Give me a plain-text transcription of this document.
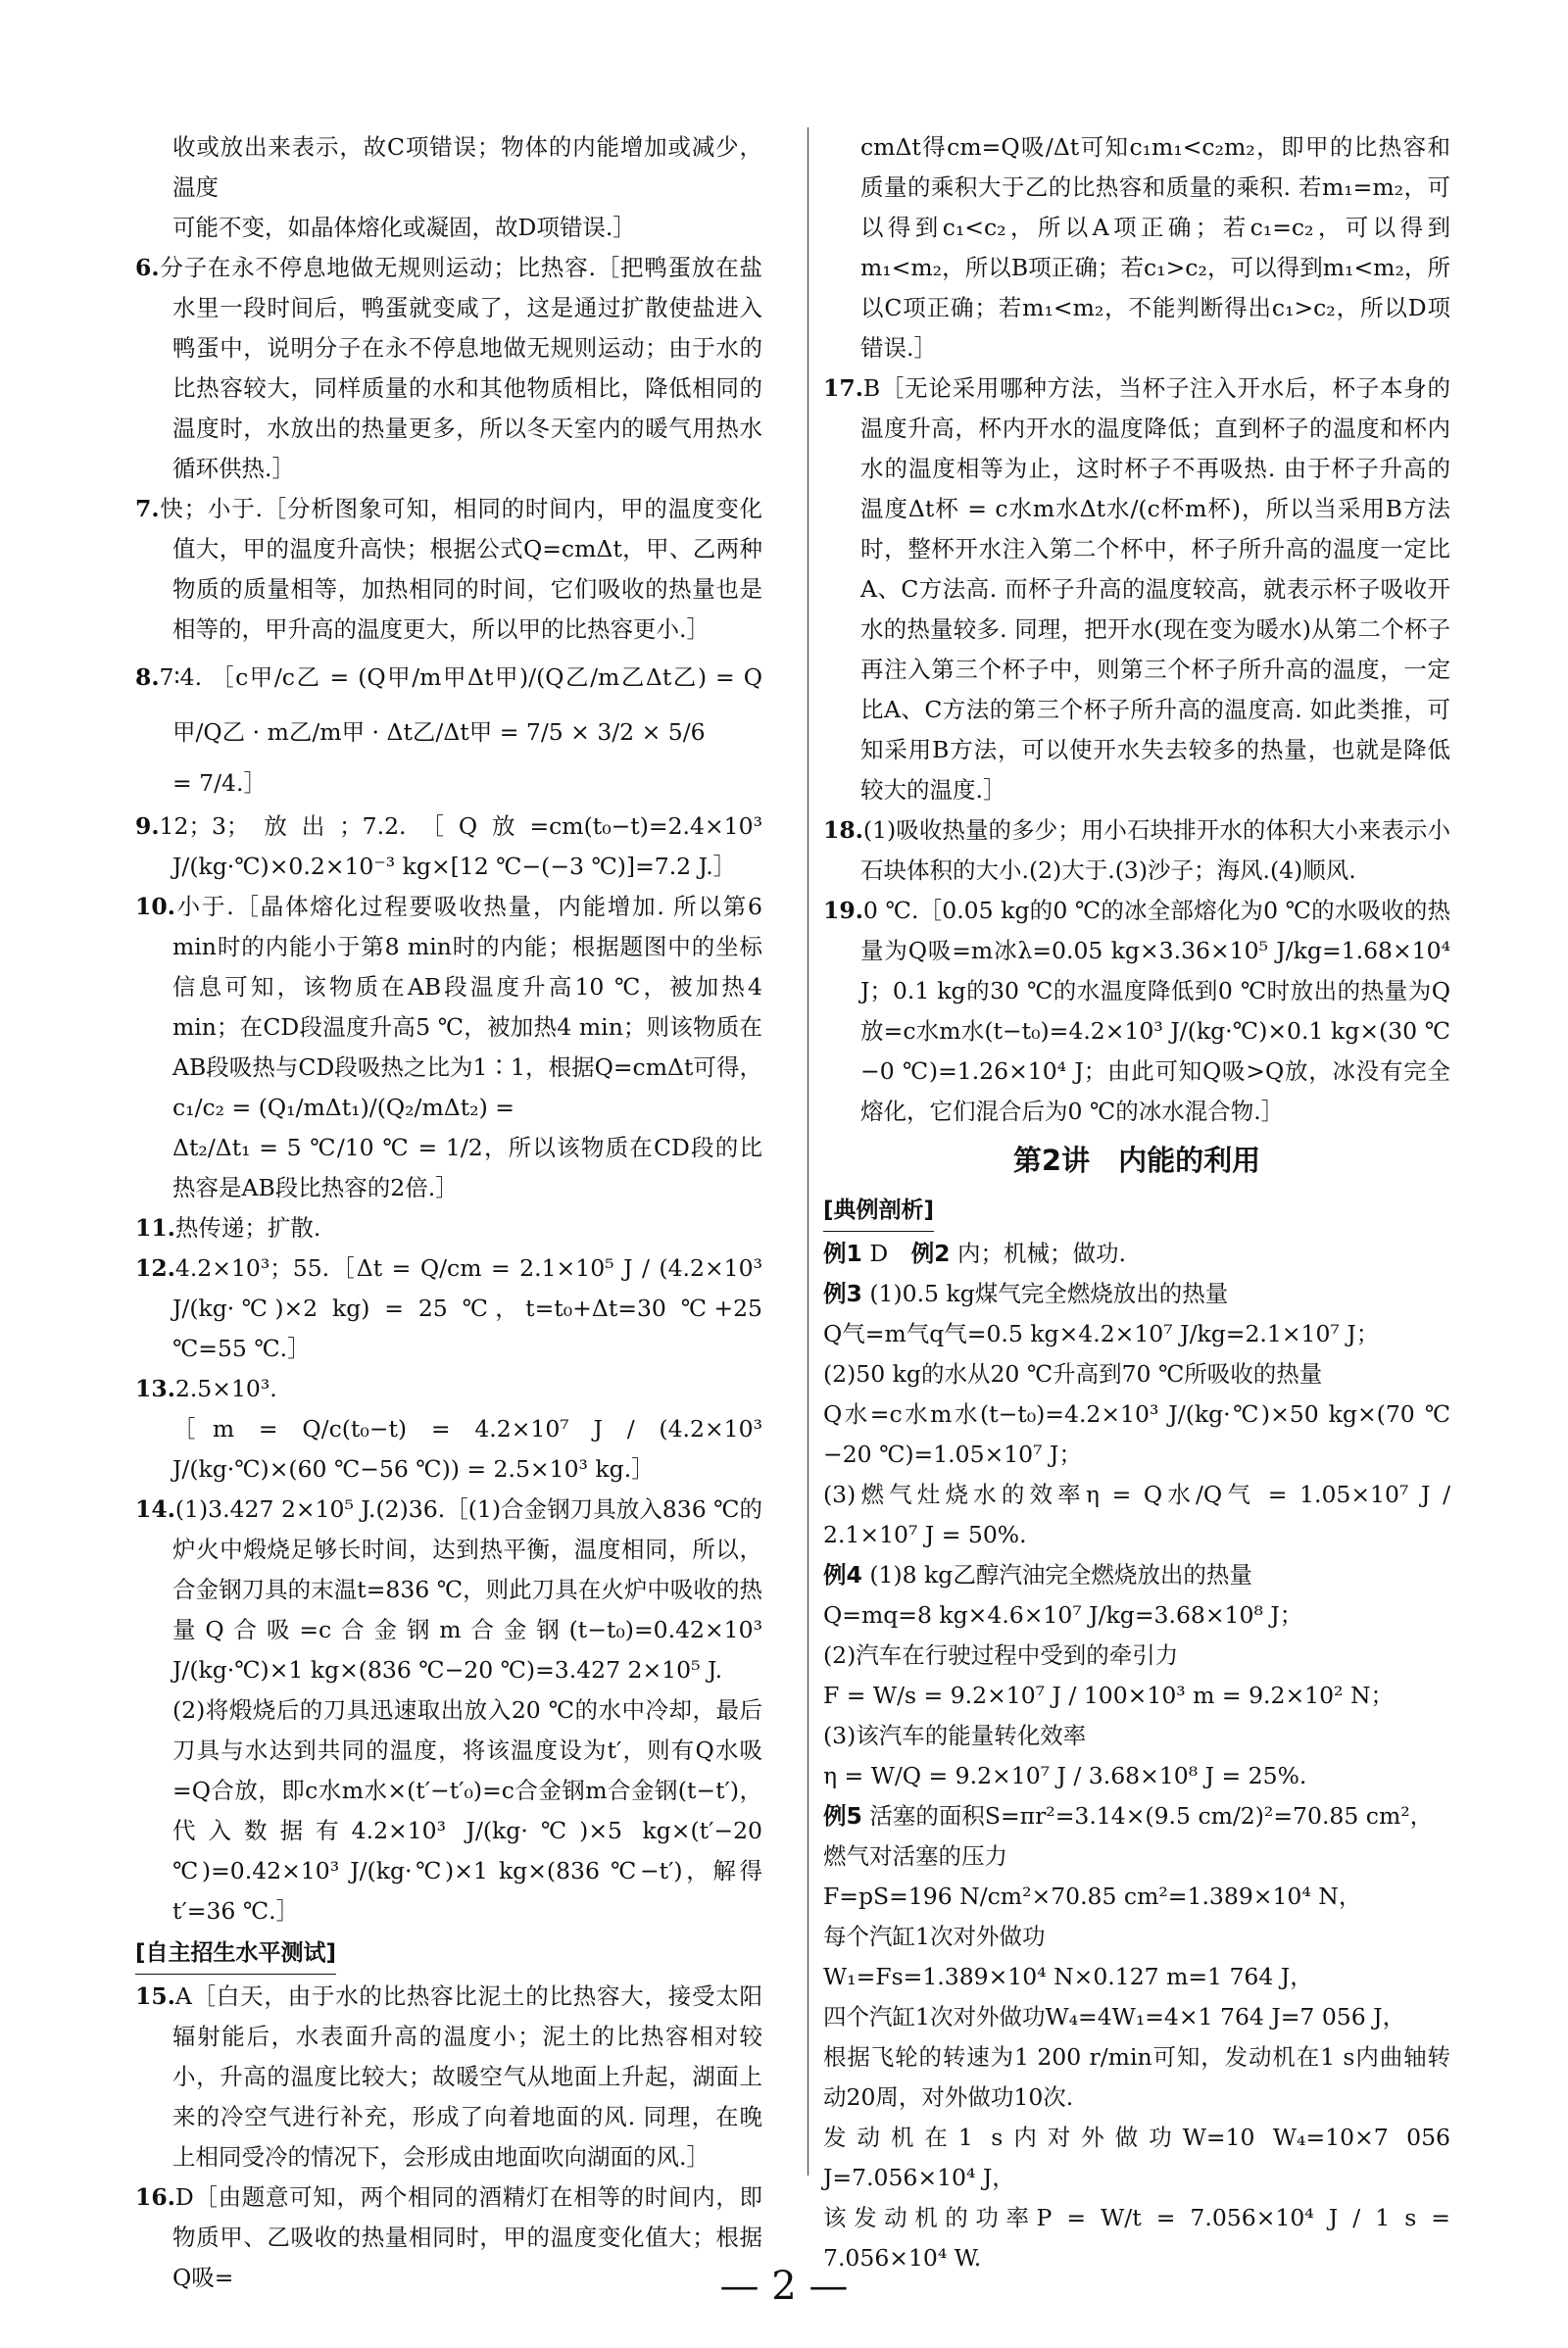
收或放出来表示，故C项错误；物体的内能增加或减少，温度
可能不变，如晶体熔化或凝固，故D项错误.］

6.分子在永不停息地做无规则运动；比热容.［把鸭蛋放在盐水里一段时间后，鸭蛋就变咸了，这是通过扩散使盐进入鸭蛋中，说明分子在永不停息地做无规则运动；由于水的比热容较大，同样质量的水和其他物质相比，降低相同的温度时，水放出的热量更多，所以冬天室内的暖气用热水循环供热.］

7.快；小于.［分析图象可知，相同的时间内，甲的温度变化值大，甲的温度升高快；根据公式Q=cmΔt，甲、乙两种物质的质量相等，加热相同的时间，它们吸收的热量也是相等的，甲升高的温度更大，所以甲的比热容更小.］

8.7∶4. ［c甲/c乙 = (Q甲/m甲Δt甲)/(Q乙/m乙Δt乙) = Q甲/Q乙 · m乙/m甲 · Δt乙/Δt甲 = 7/5 × 3/2 × 5/6

= 7/4.］

9.12；3；放出；7.2.［Q放=cm(t₀−t)=2.4×10³ J/(kg·℃)×0.2×10⁻³ kg×[12 ℃−(−3 ℃)]=7.2 J.］

10.小于.［晶体熔化过程要吸收热量，内能增加. 所以第6 min时的内能小于第8 min时的内能；根据题图中的坐标信息可知，该物质在AB段温度升高10 ℃，被加热4 min；在CD段温度升高5 ℃，被加热4 min；则该物质在AB段吸热与CD段吸热之比为1∶1，根据Q=cmΔt可得，c₁/c₂ = (Q₁/mΔt₁)/(Q₂/mΔt₂) =

Δt₂/Δt₁ = 5 ℃/10 ℃ = 1/2，所以该物质在CD段的比热容是AB段比热容的2倍.］

11.热传递；扩散.

12.4.2×10³；55.［Δt = Q/cm = 2.1×10⁵ J / (4.2×10³ J/(kg·℃)×2 kg) = 25 ℃，t=t₀+Δt=30 ℃+25 ℃=55 ℃.］

13.2.5×10³.

［m = Q/c(t₀−t) = 4.2×10⁷ J / (4.2×10³ J/(kg·℃)×(60 ℃−56 ℃)) = 2.5×10³ kg.］

14.(1)3.427 2×10⁵ J.(2)36.［(1)合金钢刀具放入836 ℃的炉火中煅烧足够长时间，达到热平衡，温度相同，所以，合金钢刀具的末温t=836 ℃，则此刀具在火炉中吸收的热量Q合吸=c合金钢m合金钢(t−t₀)=0.42×10³ J/(kg·℃)×1 kg×(836 ℃−20 ℃)=3.427 2×10⁵ J.

(2)将煅烧后的刀具迅速取出放入20 ℃的水中冷却，最后刀具与水达到共同的温度，将该温度设为t′，则有Q水吸=Q合放，即c水m水×(t′−t′₀)=c合金钢m合金钢(t−t′)，代入数据有4.2×10³ J/(kg·℃)×5 kg×(t′−20 ℃)=0.42×10³ J/(kg·℃)×1 kg×(836 ℃−t′)，解得t′=36 ℃.］

[自主招生水平测试]

15.A［白天，由于水的比热容比泥土的比热容大，接受太阳辐射能后，水表面升高的温度小；泥土的比热容相对较小，升高的温度比较大；故暖空气从地面上升起，湖面上来的冷空气进行补充，形成了向着地面的风. 同理，在晚上相同受冷的情况下，会形成由地面吹向湖面的风.］

16.D［由题意可知，两个相同的酒精灯在相等的时间内，即物质甲、乙吸收的热量相同时，甲的温度变化值大；根据Q吸=

cmΔt得cm=Q吸/Δt可知c₁m₁<c₂m₂，即甲的比热容和质量的乘积大于乙的比热容和质量的乘积. 若m₁=m₂，可以得到c₁<c₂，所以A项正确；若c₁=c₂，可以得到m₁<m₂，所以B项正确；若c₁>c₂，可以得到m₁<m₂，所以C项正确；若m₁<m₂，不能判断得出c₁>c₂，所以D项错误.］

17.B［无论采用哪种方法，当杯子注入开水后，杯子本身的温度升高，杯内开水的温度降低；直到杯子的温度和杯内水的温度相等为止，这时杯子不再吸热. 由于杯子升高的温度Δt杯 = c水m水Δt水/(c杯m杯)，所以当采用B方法时，整杯开水注入第二个杯中，杯子所升高的温度一定比A、C方法高. 而杯子升高的温度较高，就表示杯子吸收开水的热量较多. 同理，把开水(现在变为暖水)从第二个杯子再注入第三个杯子中，则第三个杯子所升高的温度，一定比A、C方法的第三个杯子所升高的温度高. 如此类推，可知采用B方法，可以使开水失去较多的热量，也就是降低较大的温度.］

18.(1)吸收热量的多少；用小石块排开水的体积大小来表示小石块体积的大小.(2)大于.(3)沙子；海风.(4)顺风.

19.0 ℃.［0.05 kg的0 ℃的冰全部熔化为0 ℃的水吸收的热量为Q吸=m冰λ=0.05 kg×3.36×10⁵ J/kg=1.68×10⁴ J；0.1 kg的30 ℃的水温度降低到0 ℃时放出的热量为Q放=c水m水(t−t₀)=4.2×10³ J/(kg·℃)×0.1 kg×(30 ℃−0 ℃)=1.26×10⁴ J；由此可知Q吸>Q放，冰没有完全熔化，它们混合后为0 ℃的冰水混合物.］

第2讲　内能的利用
[典例剖析]

例1 D　 例2 内；机械；做功.

例3 (1)0.5 kg煤气完全燃烧放出的热量

Q气=m气q气=0.5 kg×4.2×10⁷ J/kg=2.1×10⁷ J；

(2)50 kg的水从20 ℃升高到70 ℃所吸收的热量

Q水=c水m水(t−t₀)=4.2×10³ J/(kg·℃)×50 kg×(70 ℃−20 ℃)=1.05×10⁷ J；

(3)燃气灶烧水的效率η = Q水/Q气 = 1.05×10⁷ J / 2.1×10⁷ J = 50%.

例4 (1)8 kg乙醇汽油完全燃烧放出的热量

Q=mq=8 kg×4.6×10⁷ J/kg=3.68×10⁸ J；

(2)汽车在行驶过程中受到的牵引力

F = W/s = 9.2×10⁷ J / 100×10³ m = 9.2×10² N；

(3)该汽车的能量转化效率

η = W/Q = 9.2×10⁷ J / 3.68×10⁸ J = 25%.

例5 活塞的面积S=πr²=3.14×(9.5 cm/2)²=70.85 cm²，

燃气对活塞的压力

F=pS=196 N/cm²×70.85 cm²=1.389×10⁴ N，

每个汽缸1次对外做功

W₁=Fs=1.389×10⁴ N×0.127 m=1 764 J，

四个汽缸1次对外做功W₄=4W₁=4×1 764 J=7 056 J，

根据飞轮的转速为1 200 r/min可知，发动机在1 s内曲轴转动20周，对外做功10次.

发动机在1 s内对外做功W=10 W₄=10×7 056 J=7.056×10⁴ J，

该发动机的功率P = W/t = 7.056×10⁴ J / 1 s = 7.056×10⁴ W.

— 2 —
